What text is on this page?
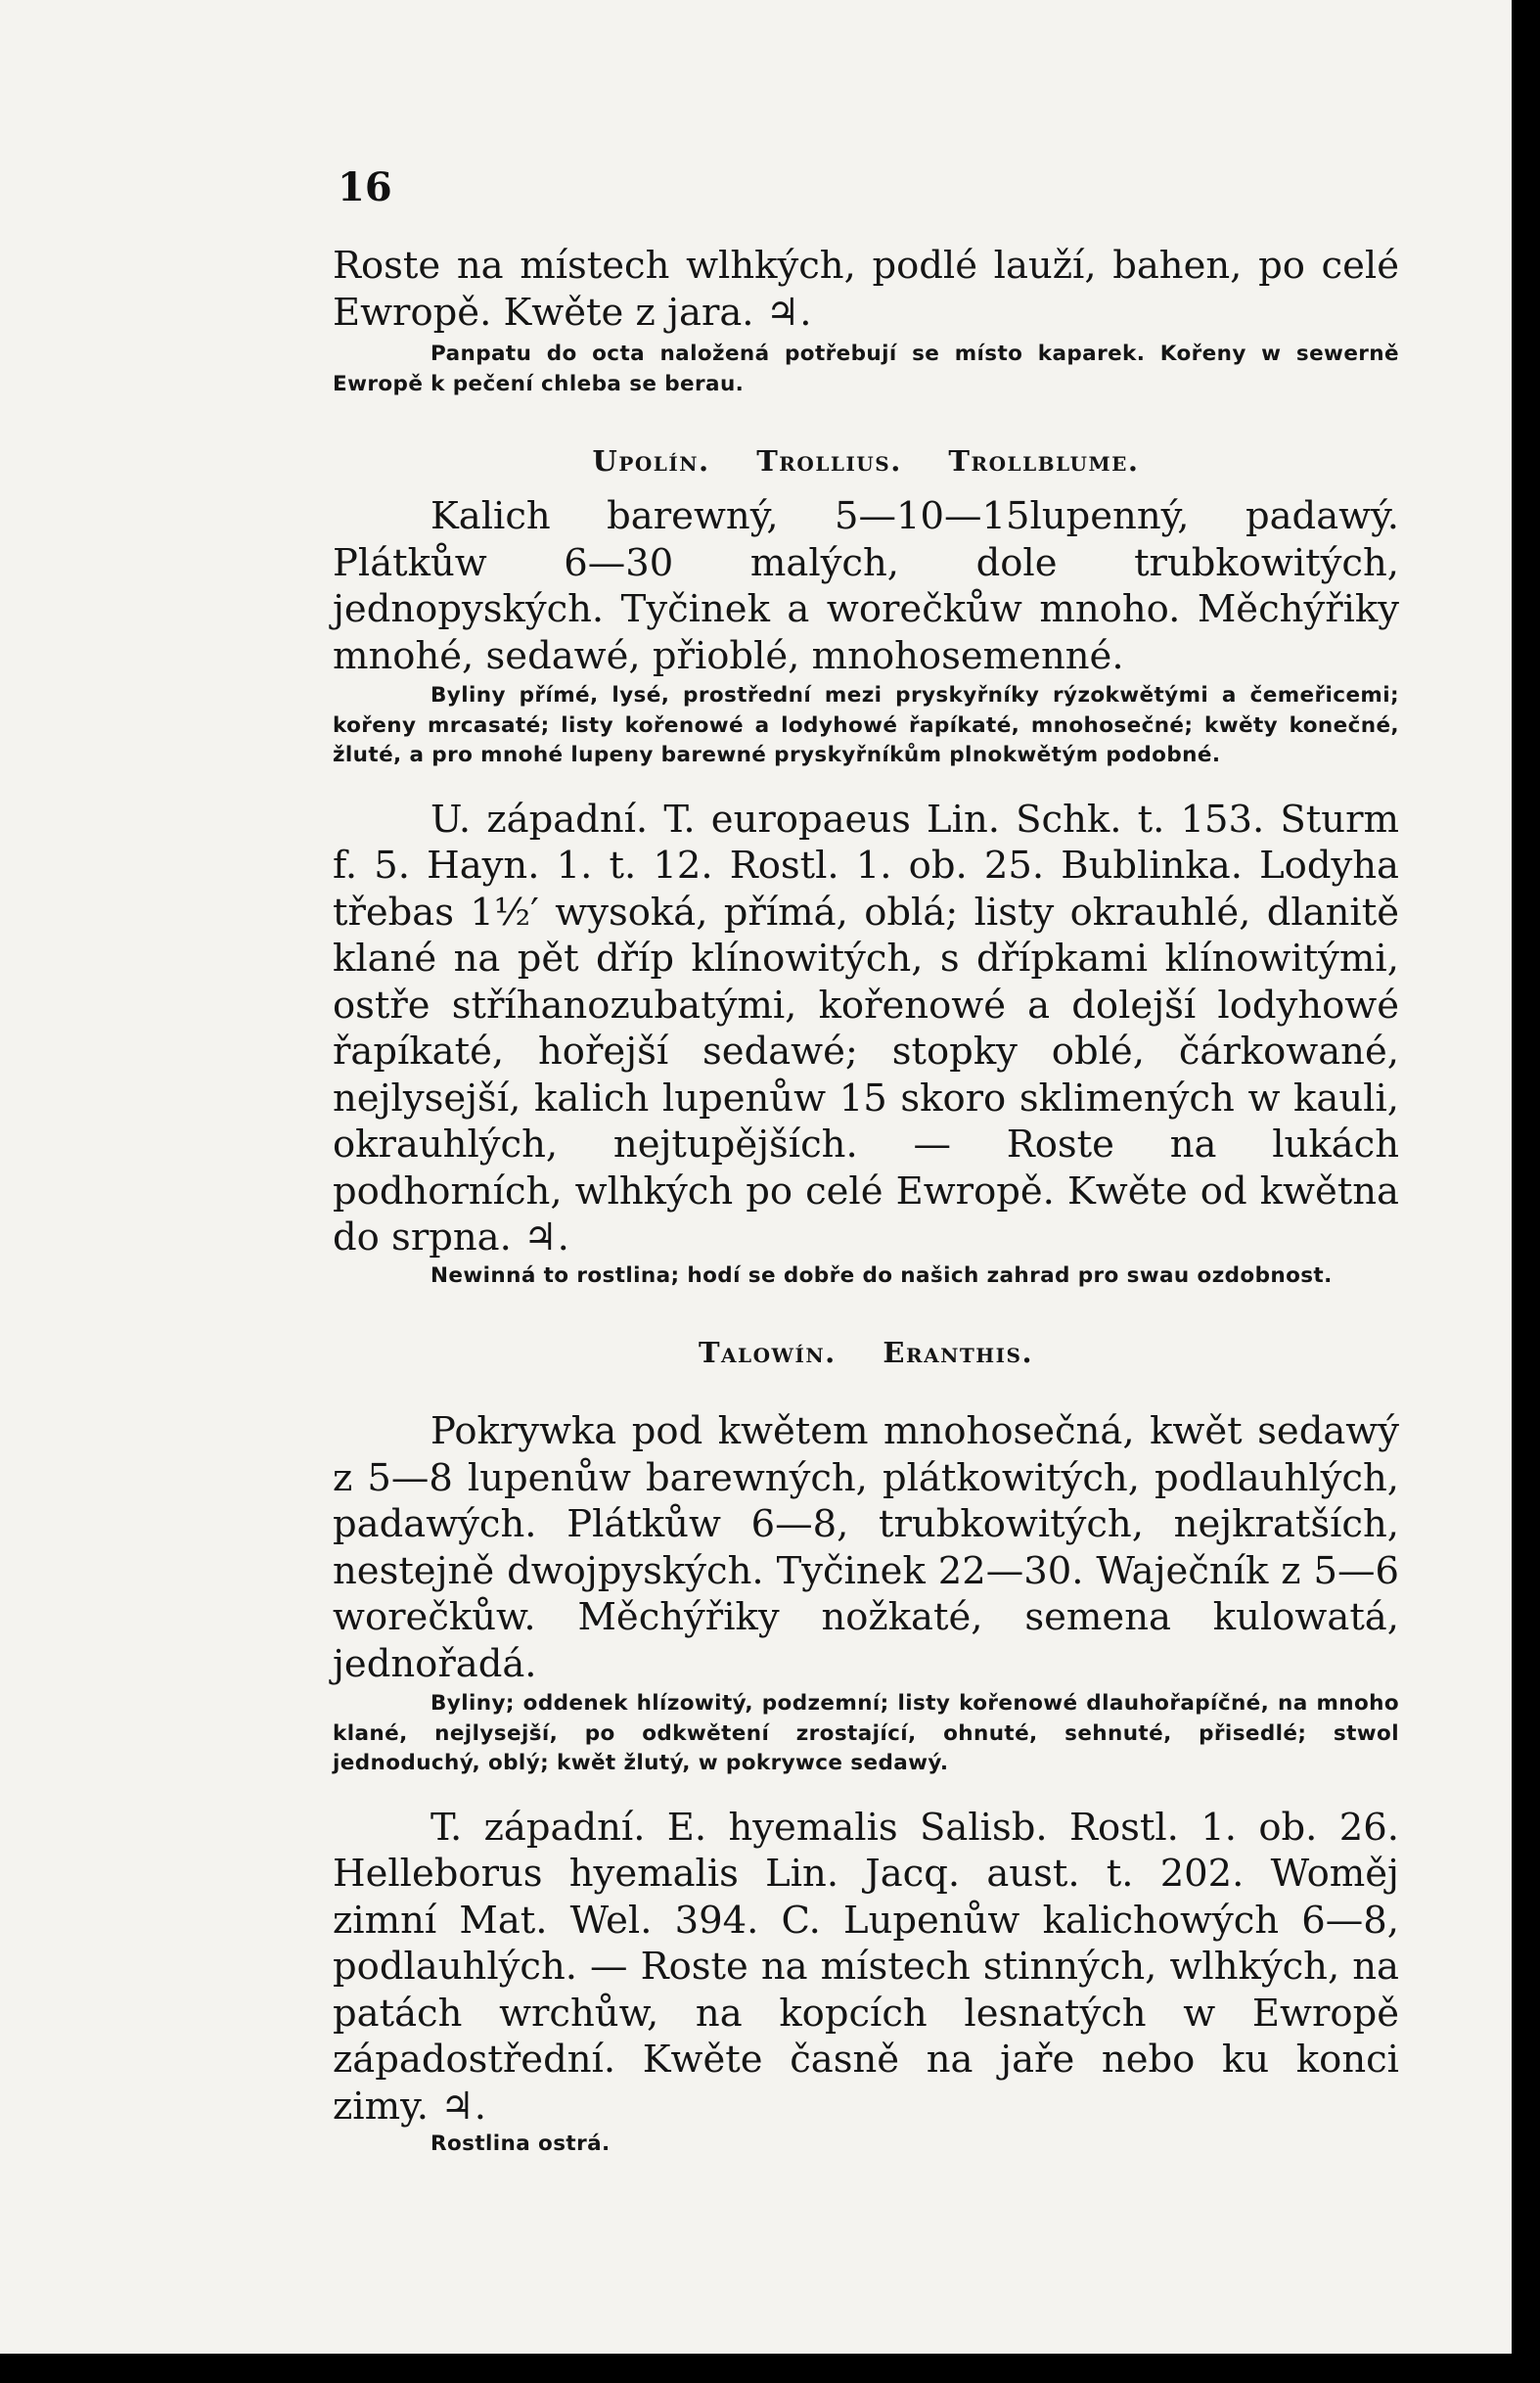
16

Roste na místech wlhkých, podlé lauží, bahen, po celé Ewropě. Kwěte z jara. ♃.

Panpatu do octa naložená potřebují se místo kaparek. Kořeny w sewerně Ewropě k pečení chleba se berau.

Upolín. Trollius. Trollblume.

Kalich barewný, 5—10—15lupenný, padawý. Plátkůw 6—30 malých, dole trubkowitých, jednopyských. Tyčinek a worečkůw mnoho. Měchýřiky mnohé, sedawé, přioblé, mnohosemenné.

Byliny přímé, lysé, prostřední mezi pryskyřníky rýzokwětými a čemeřicemi; kořeny mrcasaté; listy kořenowé a lodyhowé řapíkaté, mnohosečné; kwěty konečné, žluté, a pro mnohé lupeny barewné pryskyřníkům plnokwětým podobné.

U. západní. T. europaeus Lin. Schk. t. 153. Sturm f. 5. Hayn. 1. t. 12. Rostl. 1. ob. 25. Bublinka. Lodyha třebas 1½′ wysoká, přímá, oblá; listy okrauhlé, dlanitě klané na pět dříp klínowitých, s dřípkami klínowitými, ostře stříhanozubatými, kořenowé a dolejší lodyhowé řapíkaté, hořejší sedawé; stopky oblé, čárkowané, nejlysejší, kalich lupenůw 15 skoro sklimených w kauli, okrauhlých, nejtupějších. — Roste na lukách podhorních, wlhkých po celé Ewropě. Kwěte od kwětna do srpna. ♃.

Newinná to rostlina; hodí se dobře do našich zahrad pro swau ozdobnost.

Talowín. Eranthis.

Pokrywka pod kwětem mnohosečná, kwět sedawý z 5—8 lupenůw barewných, plátkowitých, podlauhlých, padawých. Plátkůw 6—8, trubkowitých, nejkratších, nestejně dwojpyských. Tyčinek 22—30. Waječník z 5—6 worečkůw. Měchýřiky nožkaté, semena kulowatá, jednořadá.

Byliny; oddenek hlízowitý, podzemní; listy kořenowé dlauhořapíčné, na mnoho klané, nejlysejší, po odkwětení zrostající, ohnuté, sehnuté, přisedlé; stwol jednoduchý, oblý; kwět žlutý, w pokrywce sedawý.

T. západní. E. hyemalis Salisb. Rostl. 1. ob. 26. Helleborus hyemalis Lin. Jacq. aust. t. 202. Woměj zimní Mat. Wel. 394. C. Lupenůw kalichowých 6—8, podlauhlých. — Roste na místech stinných, wlhkých, na patách wrchůw, na kopcích lesnatých w Ewropě západostřední. Kwěte časně na jaře nebo ku konci zimy. ♃.

Rostlina ostrá.
